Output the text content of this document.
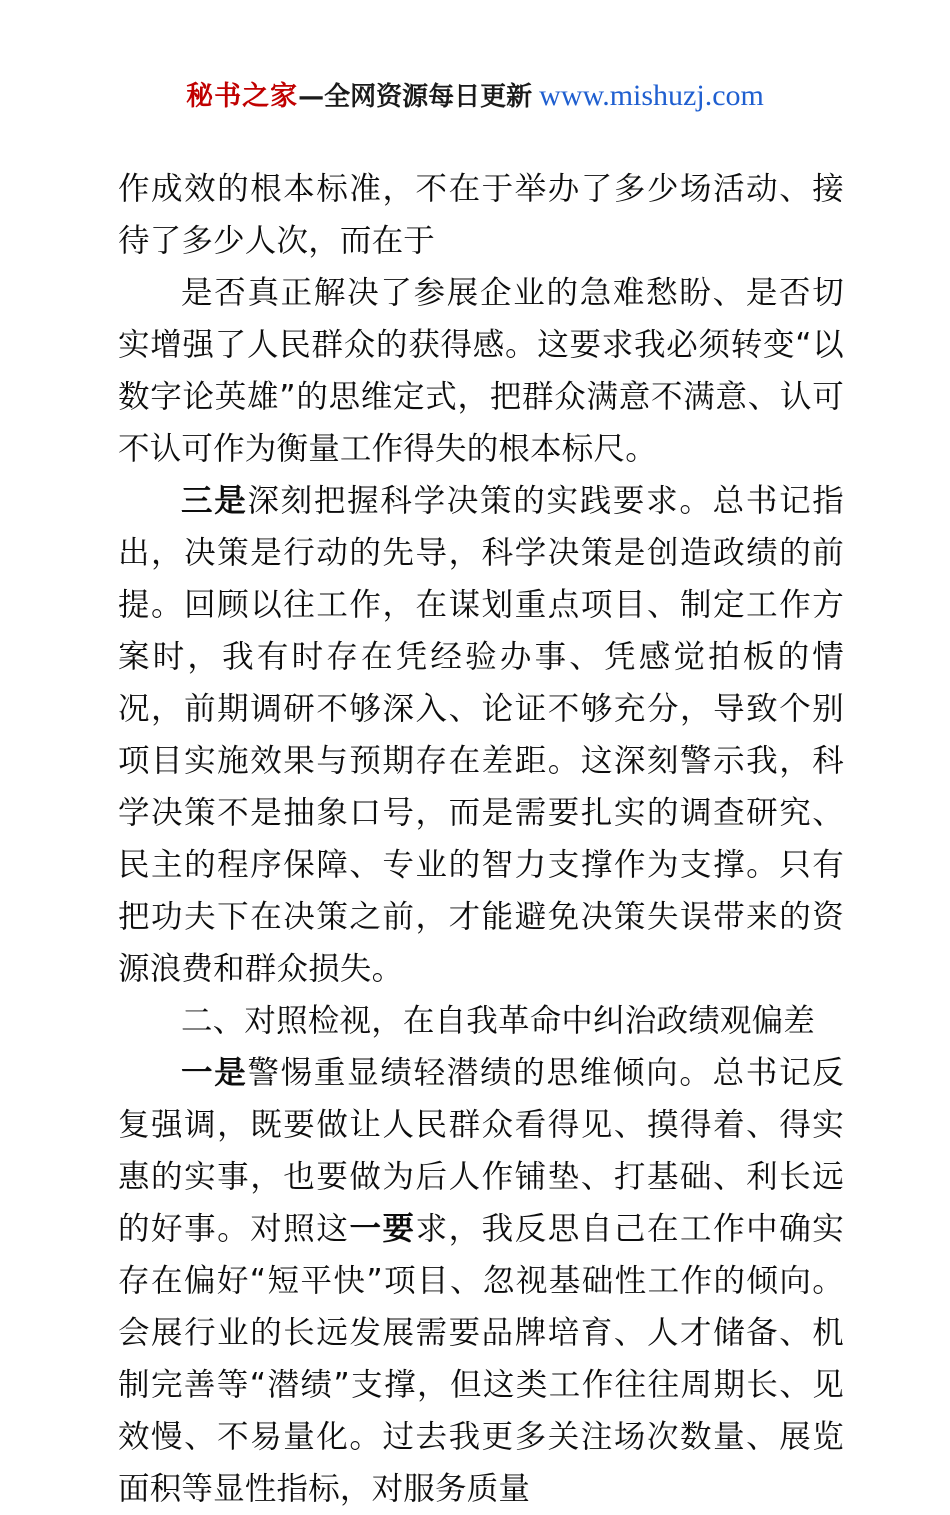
秘书之家—全网资源每日更新 www.mishuzj.com

作成效的根本标准，不在于举办了多少场活动、接待了多少人次，而在于

是否真正解决了参展企业的急难愁盼、是否切实增强了人民群众的获得感。这要求我必须转变“以数字论英雄”的思维定式，把群众满意不满意、认可不认可作为衡量工作得失的根本标尺。

三是深刻把握科学决策的实践要求。总书记指出，决策是行动的先导，科学决策是创造政绩的前提。回顾以往工作，在谋划重点项目、制定工作方案时，我有时存在凭经验办事、凭感觉拍板的情况，前期调研不够深入、论证不够充分，导致个别项目实施效果与预期存在差距。这深刻警示我，科学决策不是抽象口号，而是需要扎实的调查研究、民主的程序保障、专业的智力支撑作为支撑。只有把功夫下在决策之前，才能避免决策失误带来的资源浪费和群众损失。

二、对照检视，在自我革命中纠治政绩观偏差

一是警惕重显绩轻潜绩的思维倾向。总书记反复强调，既要做让人民群众看得见、摸得着、得实惠的实事，也要做为后人作铺垫、打基础、利长远的好事。对照这一要求，我反思自己在工作中确实存在偏好“短平快”项目、忽视基础性工作的倾向。会展行业的长远发展需要品牌培育、人才储备、机制完善等“潜绩”支撑，但这类工作往往周期长、见效慢、不易量化。过去我更多关注场次数量、展览面积等显性指标，对服务质量
